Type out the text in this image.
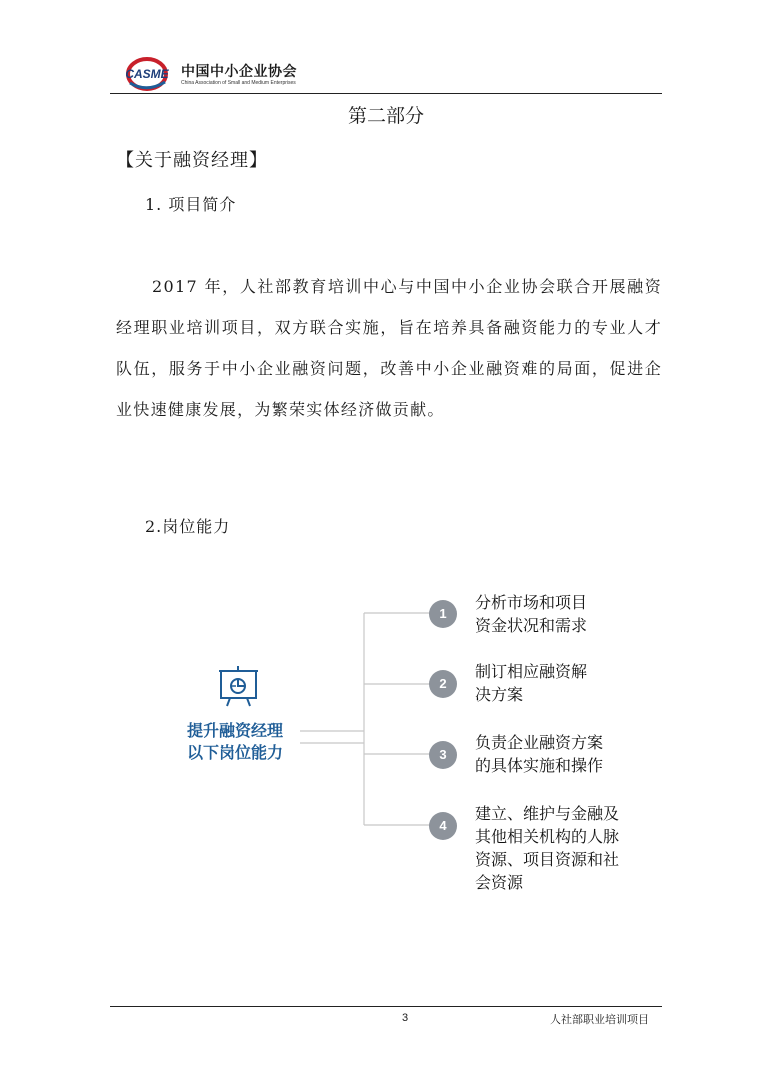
CASME 中国中小企业协会
China Association of Small and Medium Enterprises
第二部分
【关于融资经理】
1. 项目简介
2017 年，人社部教育培训中心与中国中小企业协会联合开展融资经理职业培训项目，双方联合实施，旨在培养具备融资能力的专业人才队伍，服务于中小企业融资问题，改善中小企业融资难的局面，促进企业快速健康发展，为繁荣实体经济做贡献。
2.岗位能力
提升融资经理
以下岗位能力
1
分析市场和项目
资金状况和需求
2
制订相应融资解
决方案
3
负责企业融资方案
的具体实施和操作
4
建立、维护与金融及
其他相关机构的人脉
资源、项目资源和社
会资源
3	人社部职业培训项目
